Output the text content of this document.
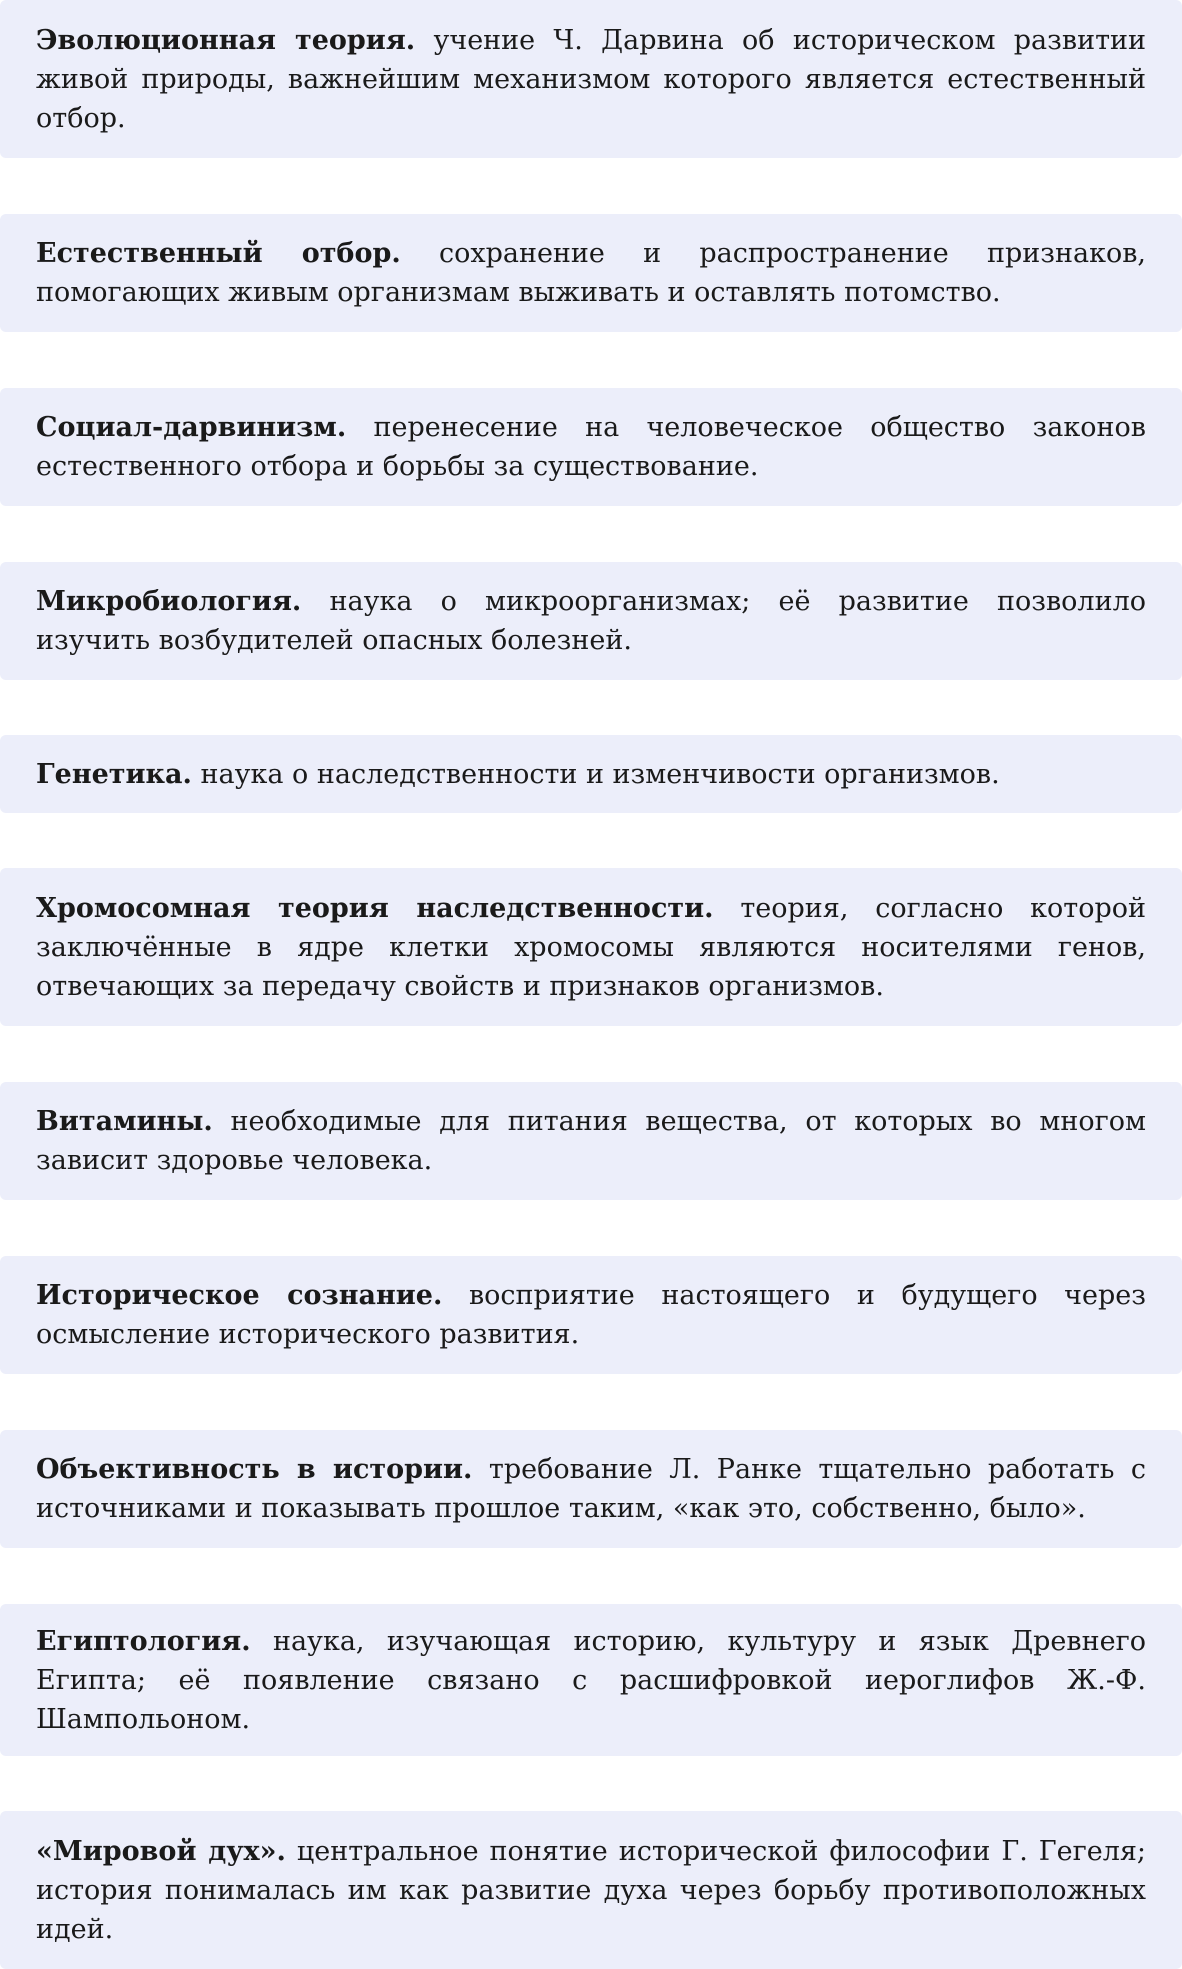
Эволюционная теория. учение Ч. Дарвина об историческом развитии живой природы, важнейшим механизмом которого является естественный отбор.

Естественный отбор. сохранение и распространение признаков, помогающих живым организмам выживать и оставлять потомство.

Социал-дарвинизм. перенесение на человеческое общество законов естественного отбора и борьбы за существование.

Микробиология. наука о микроорганизмах; её развитие позволило изучить возбудителей опасных болезней.

Генетика. наука о наследственности и изменчивости организмов.

Хромосомная теория наследственности. теория, согласно которой заключённые в ядре клетки хромосомы являются носителями генов, отвечающих за передачу свойств и признаков организмов.

Витамины. необходимые для питания вещества, от которых во многом зависит здоровье человека.

Историческое сознание. восприятие настоящего и будущего через осмысление исторического развития.

Объективность в истории. требование Л. Ранке тщательно работать с источниками и показывать прошлое таким, «как это, собственно, было».

Египтология. наука, изучающая историю, культуру и язык Древнего Египта; её появление связано с расшифровкой иероглифов Ж.-Ф. Шампольоном.

«Мировой дух». центральное понятие исторической философии Г. Гегеля; история понималась им как развитие духа через борьбу противоположных идей.
